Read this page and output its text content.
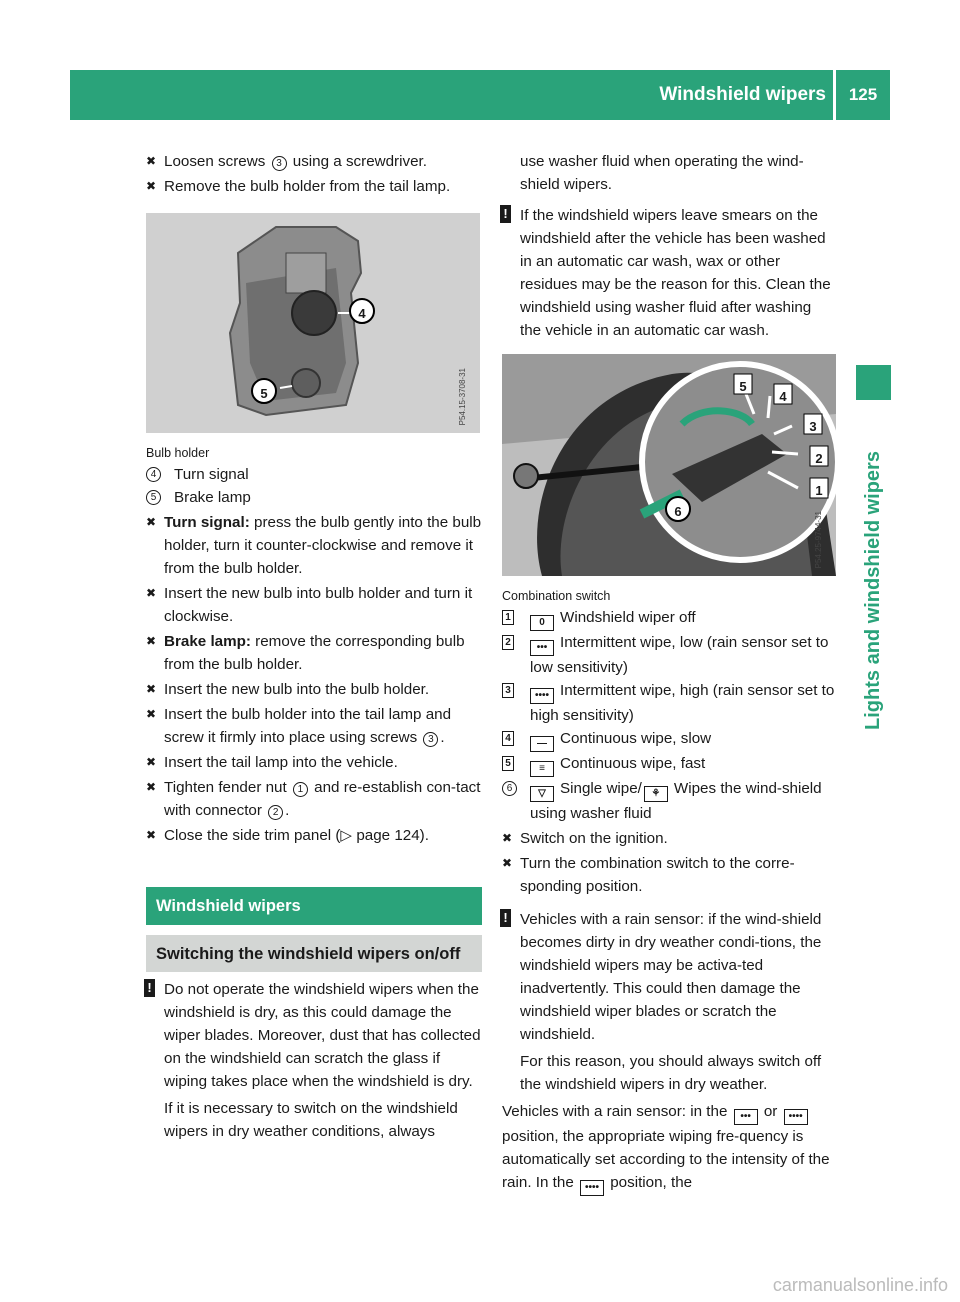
Windshield wipers	125
Lights and windshield wipers
✖ Loosen screws 3 using a screwdriver.
✖ Remove the bulb holder from the tail lamp.
4
5	P54.15-3708-31
Bulb holder
4	Turn signal
5	Brake lamp
✖ Turn signal: press the bulb gently into the bulb holder, turn it counter-clockwise and remove it from the bulb holder.
✖ Insert the new bulb into bulb holder and turn it clockwise.
✖ Brake lamp: remove the corresponding bulb from the bulb holder.
✖ Insert the new bulb into the bulb holder.
✖ Insert the bulb holder into the tail lamp and screw it firmly into place using screws 3 .
✖ Insert the tail lamp into the vehicle.
✖ Tighten fender nut 1 and re-establish con-tact with connector 2 .
✖ Close the side trim panel (▷ page 124).
Windshield wipers
Switching the windshield wipers on/off
! Do not operate the windshield wipers when the windshield is dry, as this could damage the wiper blades. Moreover, dust that has collected on the windshield can scratch the glass if wiping takes place when the windshield is dry.

If it is necessary to switch on the windshield wipers in dry weather conditions, always

use washer fluid when operating the wind-shield wipers.
! If the windshield wipers leave smears on the windshield after the vehicle has been washed in an automatic car wash, wax or other residues may be the reason for this. Clean the windshield using washer fluid after washing the vehicle in an automatic car wash.

5
4
3
2
1
6	P54.25-9744-31
Combination switch
1	0 Windshield wiper off
2	••• Intermittent wipe, low (rain sensor set to low sensitivity)
3	•••• Intermittent wipe, high (rain sensor set to high sensitivity)
4	— Continuous wipe, slow
5	≡ Continuous wipe, fast
6	▽ Single wipe/ ⚘ Wipes the wind-shield using washer fluid
✖ Switch on the ignition.
✖ Turn the combination switch to the corre-sponding position.
! Vehicles with a rain sensor: if the wind-shield becomes dirty in dry weather condi-tions, the windshield wipers may be activa-ted inadvertently. This could then damage the windshield wiper blades or scratch the windshield.

For this reason, you should always switch off the windshield wipers in dry weather.

Vehicles with a rain sensor: in the ••• or •••• position, the appropriate wiping fre-quency is automatically set according to the intensity of the rain. In the •••• position, the
carmanualsonline.info
